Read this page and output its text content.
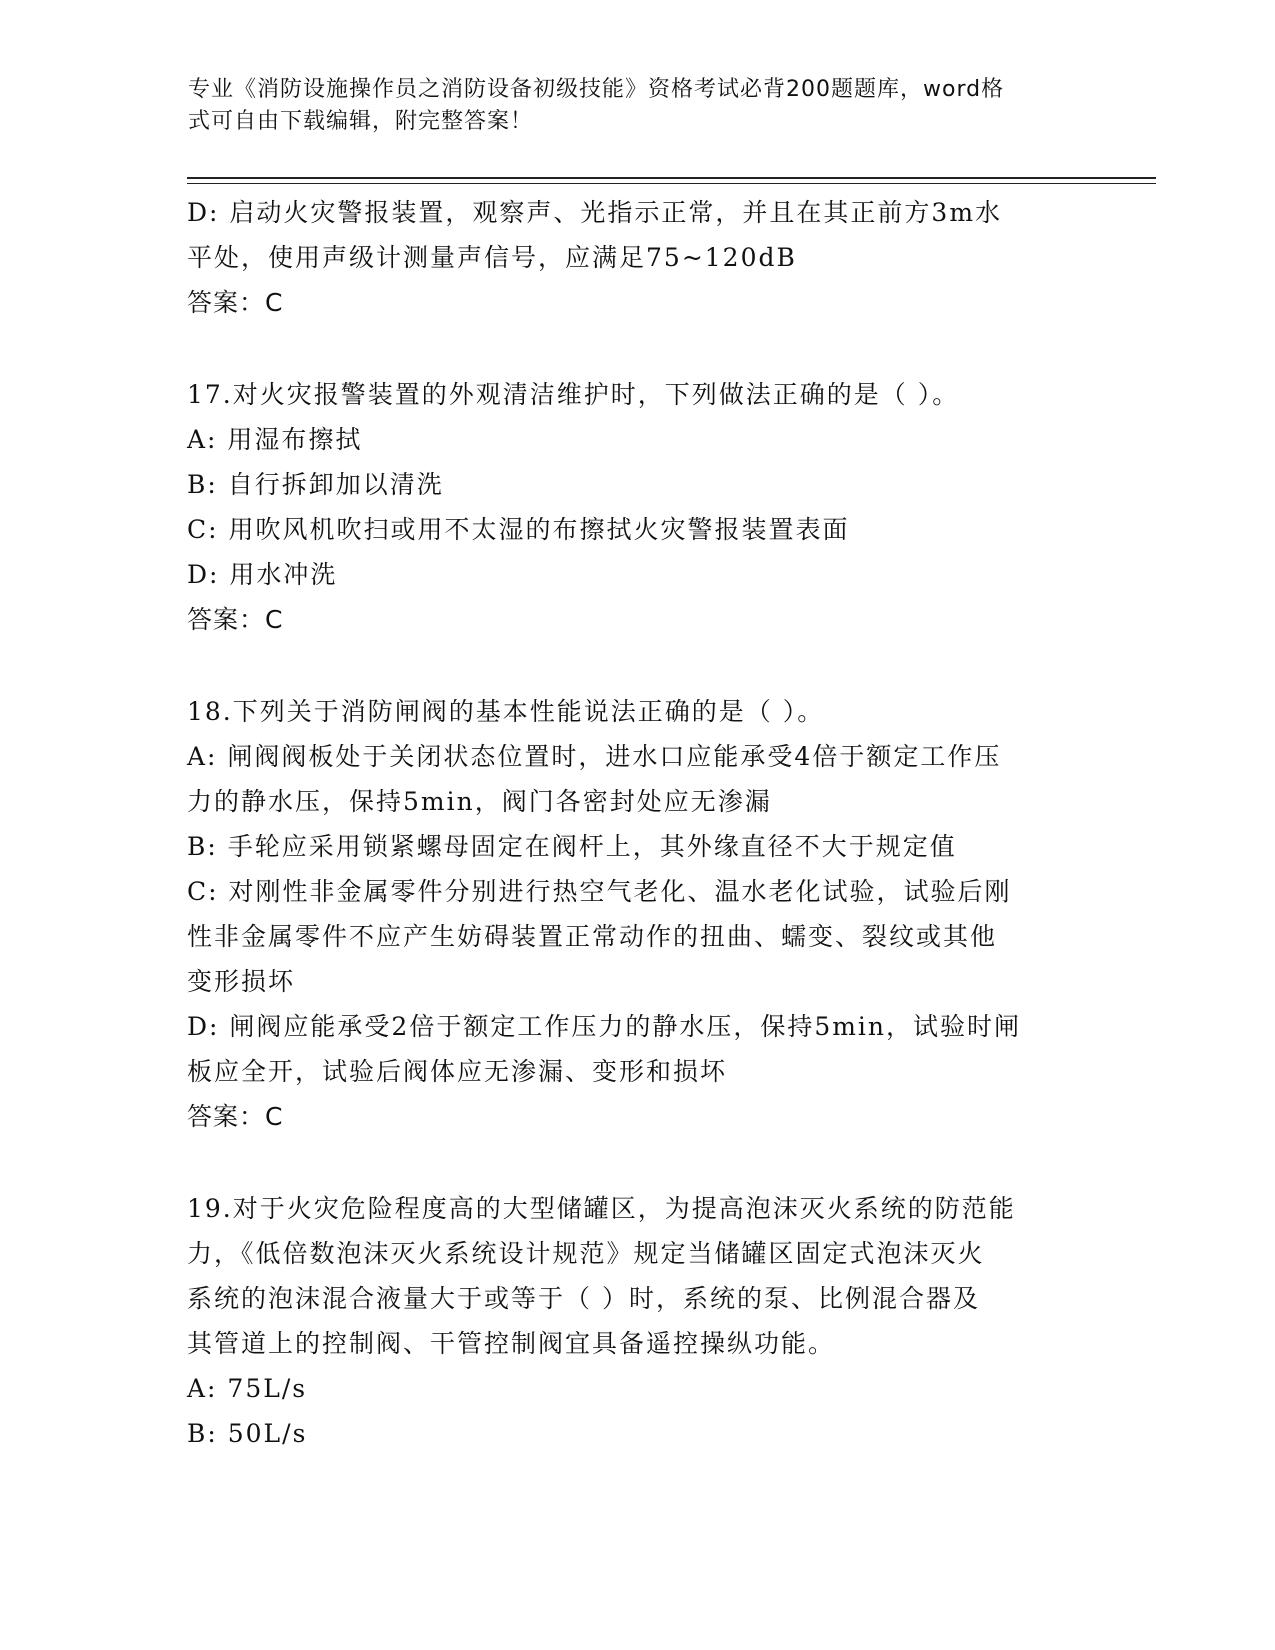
专业《消防设施操作员之消防设备初级技能》资格考试必背200题题库，word格
式可自由下载编辑，附完整答案！

D: 启动火灾警报装置，观察声、光指示正常，并且在其正前方3m水

平处，使用声级计测量声信号，应满足75~120dB

答案：C

17.对火灾报警装置的外观清洁维护时，下列做法正确的是（ ）。

A: 用湿布擦拭

B: 自行拆卸加以清洗

C: 用吹风机吹扫或用不太湿的布擦拭火灾警报装置表面

D: 用水冲洗

答案：C

18.下列关于消防闸阀的基本性能说法正确的是（ ）。

A: 闸阀阀板处于关闭状态位置时，进水口应能承受4倍于额定工作压

力的静水压，保持5min，阀门各密封处应无渗漏

B: 手轮应采用锁紧螺母固定在阀杆上，其外缘直径不大于规定值

C: 对刚性非金属零件分别进行热空气老化、温水老化试验，试验后刚

性非金属零件不应产生妨碍装置正常动作的扭曲、蠕变、裂纹或其他

变形损坏

D: 闸阀应能承受2倍于额定工作压力的静水压，保持5min，试验时闸

板应全开，试验后阀体应无渗漏、变形和损坏

答案：C

19.对于火灾危险程度高的大型储罐区，为提高泡沫灭火系统的防范能

力，《低倍数泡沫灭火系统设计规范》规定当储罐区固定式泡沫灭火

系统的泡沫混合液量大于或等于（ ）时，系统的泵、比例混合器及

其管道上的控制阀、干管控制阀宜具备遥控操纵功能。

A: 75L/s

B: 50L/s
